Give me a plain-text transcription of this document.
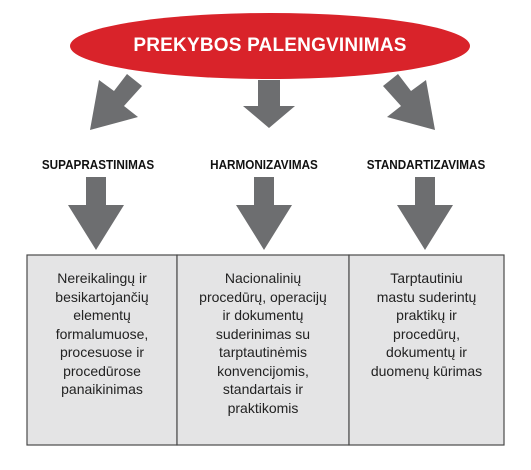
PREKYBOS PALENGVINIMAS
SUPAPRASTINIMAS	HARMONIZAVIMAS	STANDARTIZAVIMAS
Nereikalingų ir
besikartojančių
elementų
formalumuose,
procesuose ir
procedūrose
panaikinimas
Nacionalinių
procedūrų, operacijų
ir dokumentų
suderinimas su
tarptautinėmis
konvencijomis,
standartais ir
praktikomis
Tarptautiniu
mastu suderintų
praktikų ir
procedūrų,
dokumentų ir
duomenų kūrimas
